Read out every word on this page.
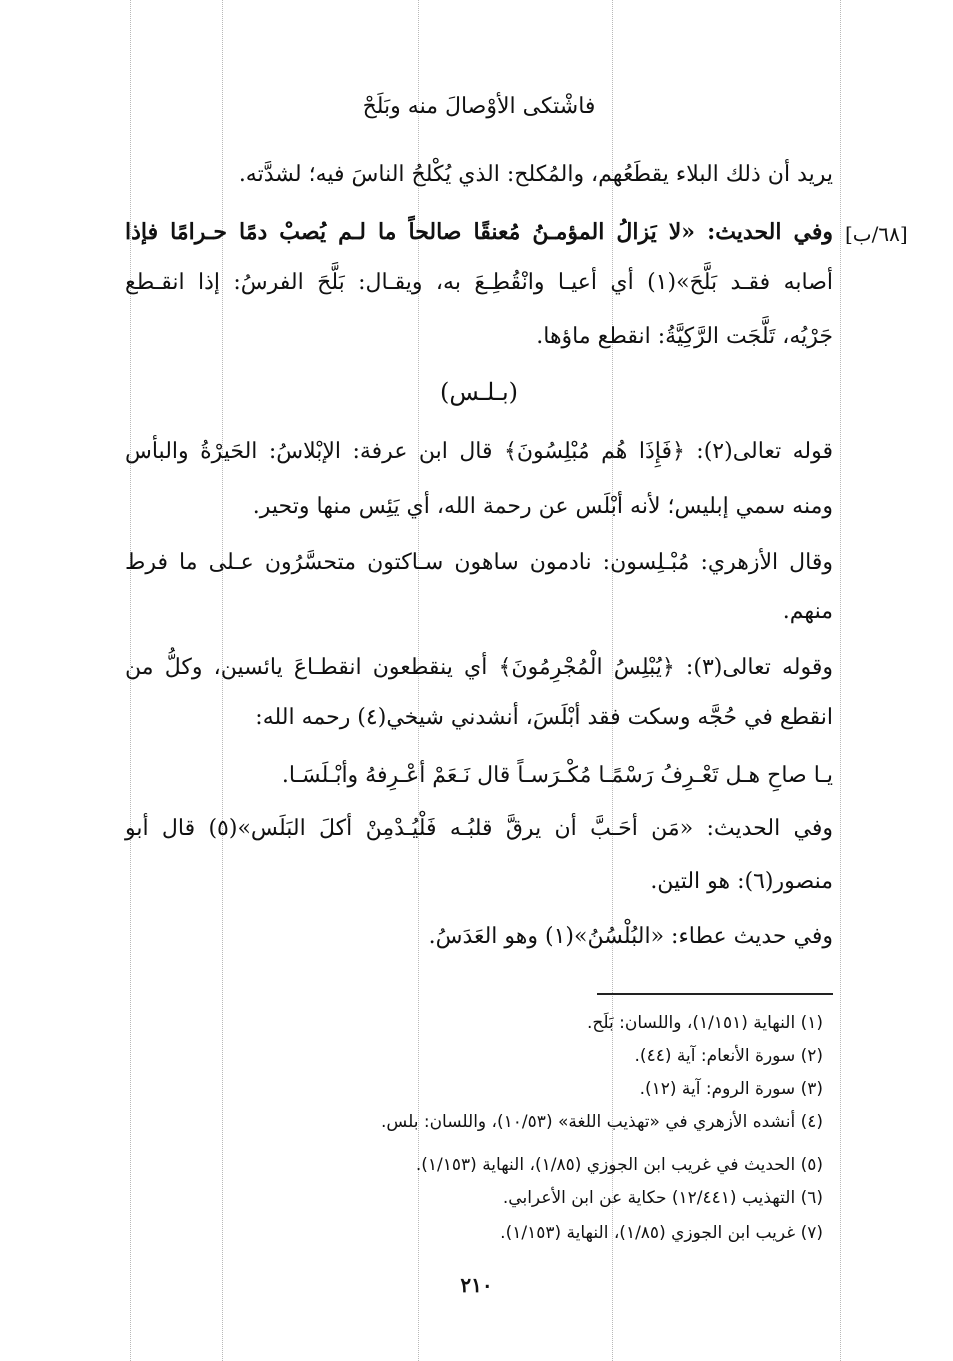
[٦٨/ب]
فاشْتكى الأوْصالَ منه وبَلَحْ
يريد أن ذلك البلاء يقطَعُهم، والمُكلح: الذي يُكْلحُ الناسَ فيه؛ لشدَّته.
وفي الحديث: «لا يَزالُ المؤمـنُ مُعنقًا صالحاً ما لـم يُصبْ دمًا حـرامًا فإذا
أصابه فقـد بَلَّحَ»(١) أي أعيـا وانْقُطِـعَ به، ويقـال: بَلَّحَ الفرسُ: إذا انقـطع
جَرْيُه، تَلَّجَت الرَّكِيَّةُ: انقطع ماؤها.
(بـلـس)
قوله تعالى(٢): ﴿فَإِذَا هُم مُبْلِسُونَ﴾ قال ابن عرفة: الإبْلاسُ: الحَيرْةُ والبأس
ومنه سمي إبليس؛ لأنه أبْلَس عن رحمة الله، أي يَئِس منها وتحير.
وقال الأزهري: مُبْـلِسون: نادمون ساهون سـاكتون متحسَّرُون عـلى ما فرط
منهم.
وقوله تعالى(٣): ﴿يُبْلِسُ الْمُجْرِمُونَ﴾ أي ينقطعون انقطـاعَ يائسين، وكلُّ من
انقطع في حُجَّه وسكت فقد أبْلَسَ، أنشدني شيخي(٤) رحمه الله:
يـا صاحِ هـل تَعْـرِفُ رَسْمًـا مُكْـرَسـاً قال نَـعَمْ أعْـرِفهُ وأبْـلَسَـا.
وفي الحديث: «مَن أحَـبَّ أن يرقَّ قلبُـه فَلْيُـدْمِنْ أكلَ البَلَس»(٥) قال أبو
منصور(٦): هو التين.
وفي حديث عطاء: «البُلْسُنُ»(١) وهو العَدَسُ.
(١) النهاية (١/١٥١)، واللسان: بَلَح.
(٢) سورة الأنعام: آية (٤٤).
(٣) سورة الروم: آية (١٢).
(٤) أنشده الأزهري في «تهذيب اللغة» (١٠/٥٣)، واللسان: بلس.
(٥) الحديث في غريب ابن الجوزي (١/٨٥)، النهاية (١/١٥٣).
(٦) التهذيب (١٢/٤٤١) حكاية عن ابن الأعرابي.
(٧) غريب ابن الجوزي (١/٨٥)، النهاية (١/١٥٣).
٢١٠
